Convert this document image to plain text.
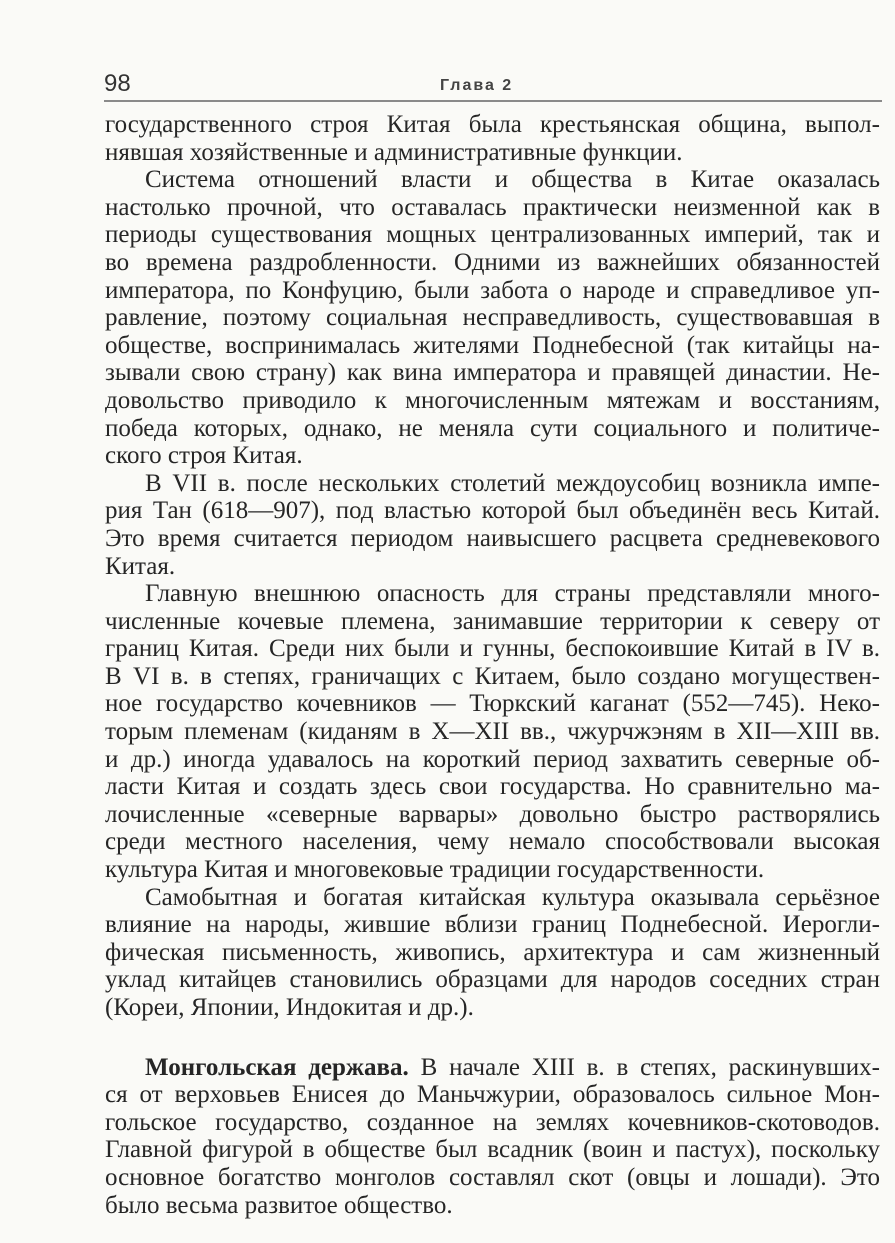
98	Глава 2
государственного строя Китая была крестьянская община, выпол-
нявшая хозяйственные и административные функции.
Система отношений власти и общества в Китае оказалась
настолько прочной, что оставалась практически неизменной как в
периоды существования мощных централизованных империй, так и
во времена раздробленности. Одними из важнейших обязанностей
императора, по Конфуцию, были забота о народе и справедливое уп-
равление, поэтому социальная несправедливость, существовавшая в
обществе, воспринималась жителями Поднебесной (так китайцы на-
зывали свою страну) как вина императора и правящей династии. Не-
довольство приводило к многочисленным мятежам и восстаниям,
победа которых, однако, не меняла сути социального и политиче-
ского строя Китая.
В VII в. после нескольких столетий междоусобиц возникла импе-
рия Тан (618—907), под властью которой был объединён весь Китай.
Это время считается периодом наивысшего расцвета средневекового
Китая.
Главную внешнюю опасность для страны представляли много-
численные кочевые племена, занимавшие территории к северу от
границ Китая. Среди них были и гунны, беспокоившие Китай в IV в.
В VI в. в степях, граничащих с Китаем, было создано могуществен-
ное государство кочевников — Тюркский каганат (552—745). Неко-
торым племенам (киданям в X—XII вв., чжурчжэням в XII—XIII вв.
и др.) иногда удавалось на короткий период захватить северные об-
ласти Китая и создать здесь свои государства. Но сравнительно ма-
лочисленные «северные варвары» довольно быстро растворялись
среди местного населения, чему немало способствовали высокая
культура Китая и многовековые традиции государственности.
Самобытная и богатая китайская культура оказывала серьёзное
влияние на народы, жившие вблизи границ Поднебесной. Иерогли-
фическая письменность, живопись, архитектура и сам жизненный
уклад китайцев становились образцами для народов соседних стран
(Кореи, Японии, Индокитая и др.).
Монгольская держава. В начале XIII в. в степях, раскинувших-
ся от верховьев Енисея до Маньчжурии, образовалось сильное Мон-
гольское государство, созданное на землях кочевников-скотоводов.
Главной фигурой в обществе был всадник (воин и пастух), поскольку
основное богатство монголов составлял скот (овцы и лошади). Это
было весьма развитое общество.
